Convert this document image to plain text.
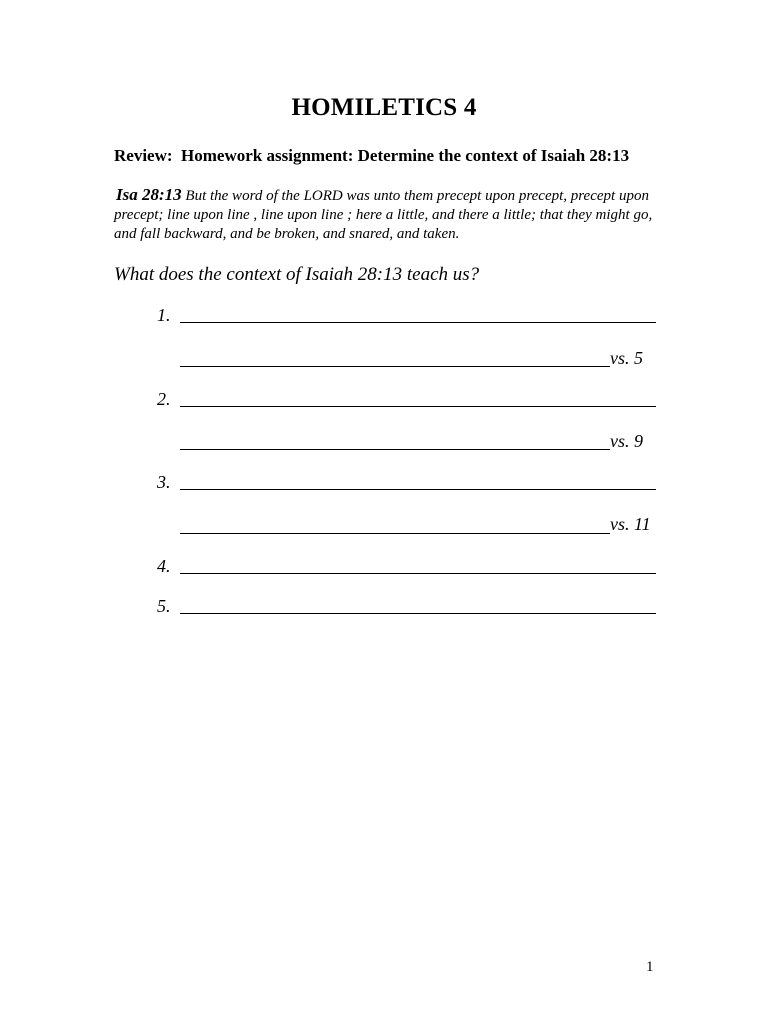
HOMILETICS 4
Review:  Homework assignment: Determine the context of Isaiah 28:13
Isa 28:13 But the word of the LORD was unto them precept upon precept, precept upon precept; line upon line , line upon line ; here a little, and there a little; that they might go, and fall backward, and be broken, and snared, and taken.
What does the context of Isaiah 28:13 teach us?
1.
vs. 5
2.
vs. 9
3.
vs. 11
4.
5.
1
